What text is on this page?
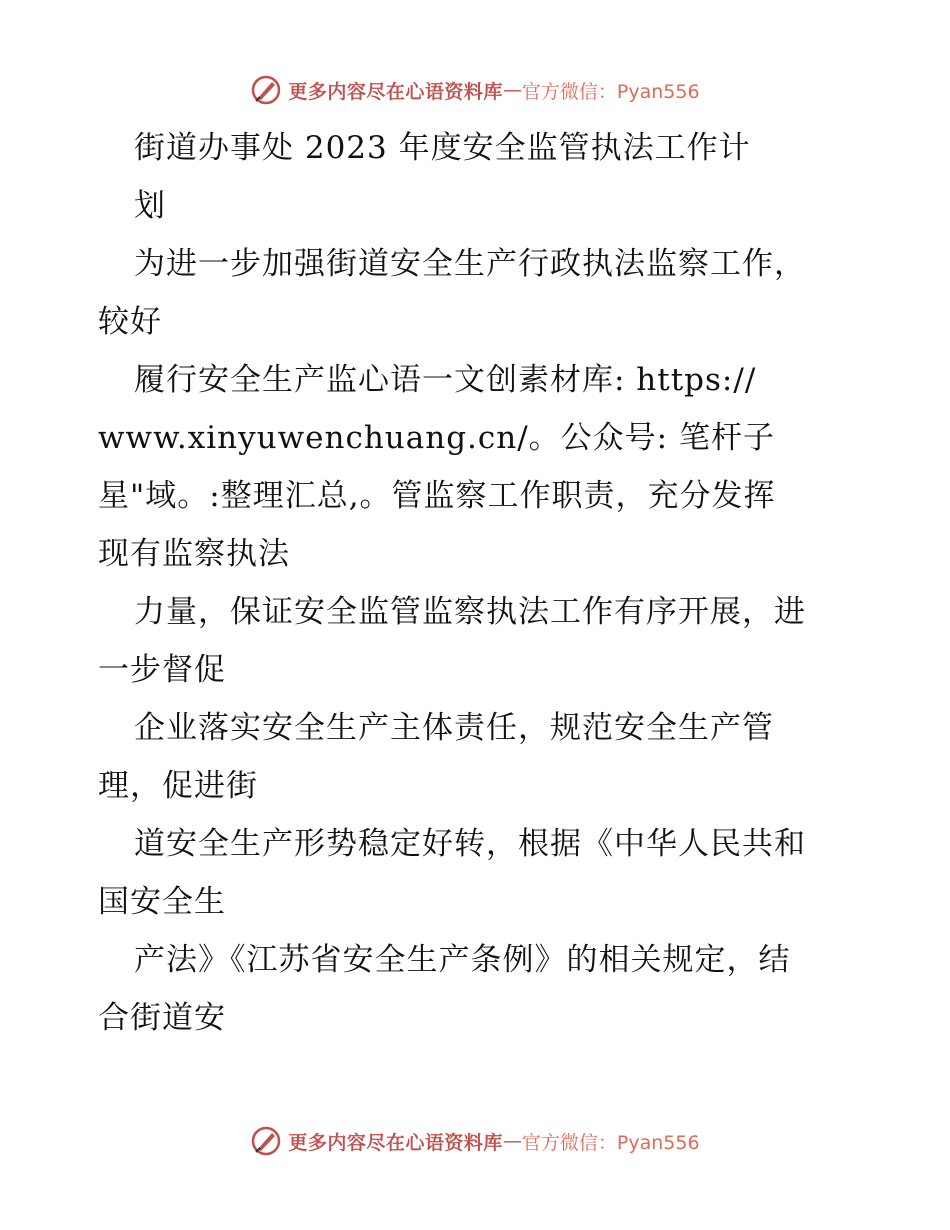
更多内容尽在心语资料库 — 官方微信：Pyan556
街道办事处 2023 年度安全监管执法工作计
划
为进一步加强街道安全生产行政执法监察工作，
较好
履行安全生产监心语一文创素材库: https://
www.xinyuwenchuang.cn/。公众号: 笔杆子
星"域。:整理汇总,。管监察工作职责，充分发挥
现有监察执法
力量，保证安全监管监察执法工作有序开展，进
一步督促
企业落实安全生产主体责任，规范安全生产管
理，促进街
道安全生产形势稳定好转，根据《中华人民共和
国安全生
产法》《江苏省安全生产条例》的相关规定，结
合街道安
更多内容尽在心语资料库 — 官方微信：Pyan556
